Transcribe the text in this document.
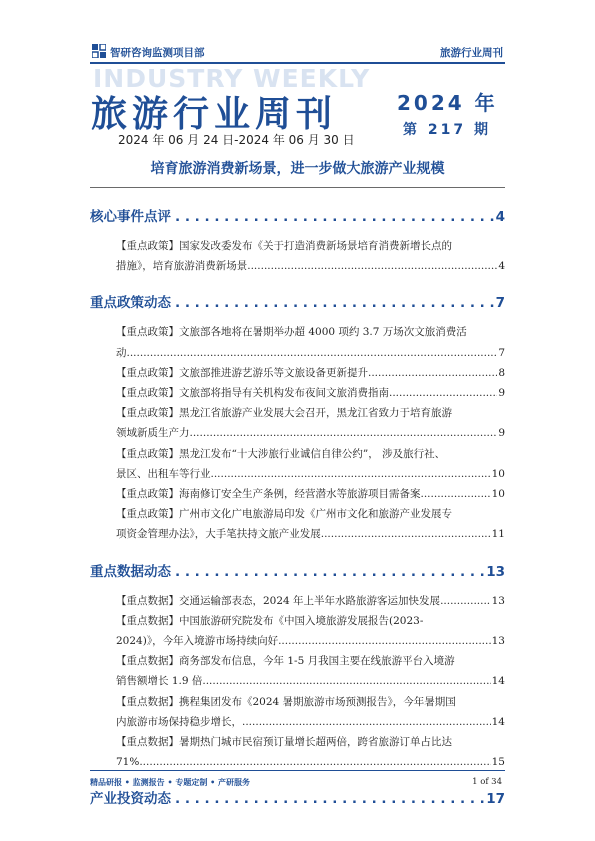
智研咨询监测项目部	旅游行业周刊
INDUSTRY WEEKLY
旅游行业周刊	2024 年
第 217 期
2024 年 06 月 24 日-2024 年 06 月 30 日
培育旅游消费新场景，进一步做大旅游产业规模
核心事件点评 . . .	4
【重点政策】国家发改委发布《关于打造消费新场景培育消费新增长点的
措施》，培育旅游消费新场景 .....	4
重点政策动态 . . .	7
【重点政策】文旅部各地将在暑期举办超 4000 项约 3.7 万场次文旅消费活
动 .....	7
【重点政策】文旅部推进游艺游乐等文旅设备更新提升 .....	8
【重点政策】文旅部将指导有关机构发布夜间文旅消费指南 .....	9
【重点政策】黑龙江省旅游产业发展大会召开，黑龙江省致力于培育旅游
领域新质生产力 .....	9
【重点政策】黑龙江发布“十大涉旅行业诚信自律公约”， 涉及旅行社、
景区、出租车等行业 .....	10
【重点政策】海南修订安全生产条例，经营潜水等旅游项目需备案 .....	10
【重点政策】广州市文化广电旅游局印发《广州市文化和旅游产业发展专
项资金管理办法》，大手笔扶持文旅产业发展 .....	11
重点数据动态 . . .	13
【重点数据】交通运输部表态，2024 年上半年水路旅游客运加快发展 .....	13
【重点数据】中国旅游研究院发布《中国入境旅游发展报告(2023-
2024)》，今年入境游市场持续向好 .....	13
【重点数据】商务部发布信息，今年 1-5 月我国主要在线旅游平台入境游
销售额增长 1.9 倍 .....	14
【重点数据】携程集团发布《2024 暑期旅游市场预测报告》，今年暑期国
内旅游市场保持稳步增长， .....	14
【重点数据】暑期热门城市民宿预订量增长超两倍，跨省旅游订单占比达
71% .....	15
产业投资动态 . . .	17
精品研报 • 监测报告 • 专题定制 • 产研服务	1 of 34
